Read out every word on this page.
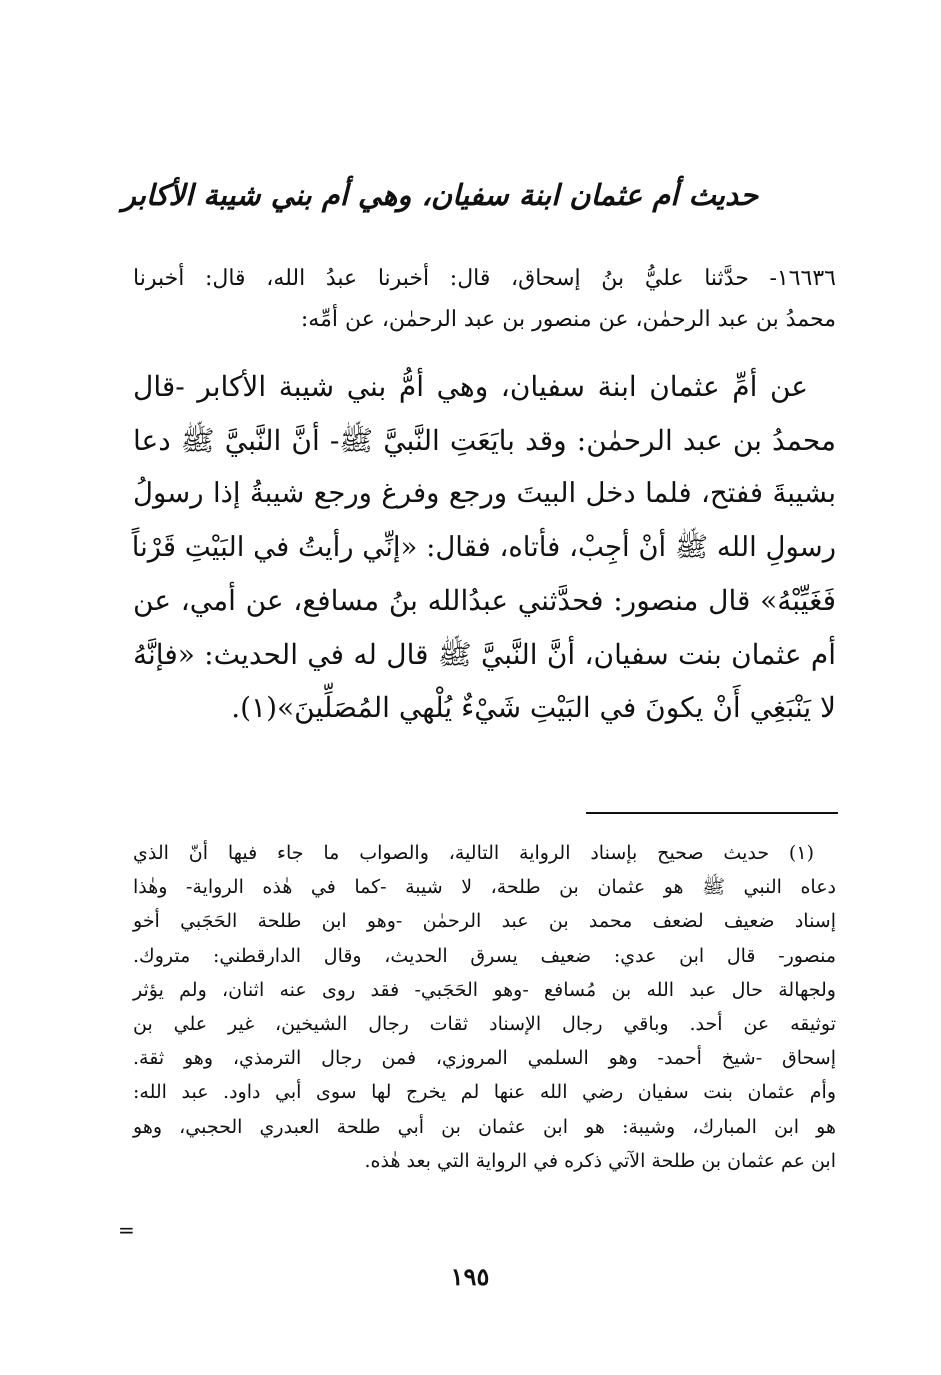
حديث أم عثمان ابنة سفيان، وهي أم بني شيبة الأكابر
١٦٦٣٦- حدَّثنا عليُّ بنُ إسحاق، قال: أخبرنا عبدُ الله، قال: أخبرنا
محمدُ بن عبد الرحمٰن، عن منصور بن عبد الرحمٰن، عن أمِّه:
عن أمِّ عثمان ابنة سفيان، وهي أمُّ بني شيبة الأكابر -قال
محمدُ بن عبد الرحمٰن: وقد بايَعَتِ النَّبيَّ ﷺ- أنَّ النَّبيَّ ﷺ دعا
بشيبةَ ففتح، فلما دخل البيتَ ورجع وفرغ ورجع شيبةُ إذا رسولُ
رسولِ الله ﷺ أنْ أجِبْ، فأتاه، فقال: «إنِّي رأيتُ في البَيْتِ قَرْناً
فَغَيِّبْهُ» قال منصور: فحدَّثني عبدُالله بنُ مسافع، عن أمي، عن
أم عثمان بنت سفيان، أنَّ النَّبيَّ ﷺ قال له في الحديث: «فإنَّهُ
لا يَنْبَغِي أَنْ يكونَ في البَيْتِ شَيْءٌ يُلْهي المُصَلِّينَ»(١).
(١) حديث صحيح بإسناد الرواية التالية، والصواب ما جاء فيها أنّ الذي
دعاه النبي ﷺ هو عثمان بن طلحة، لا شيبة -كما في هٰذه الرواية- وهٰذا
إسناد ضعيف لضعف محمد بن عبد الرحمٰن -وهو ابن طلحة الحَجَبي أخو
منصور- قال ابن عدي: ضعيف يسرق الحديث، وقال الدارقطني: متروك.
ولجهالة حال عبد الله بن مُسافع -وهو الحَجَبي- فقد روى عنه اثنان، ولم يؤثر
توثيقه عن أحد. وباقي رجال الإسناد ثقات رجال الشيخين، غير علي بن
إسحاق -شيخ أحمد- وهو السلمي المروزي، فمن رجال الترمذي، وهو ثقة.
وأم عثمان بنت سفيان رضي الله عنها لم يخرج لها سوى أبي داود. عبد الله:
هو ابن المبارك، وشيبة: هو ابن عثمان بن أبي طلحة العبدري الحجبي، وهو
ابن عم عثمان بن طلحة الآتي ذكره في الرواية التي بعد هٰذه.
=
١٩٥
